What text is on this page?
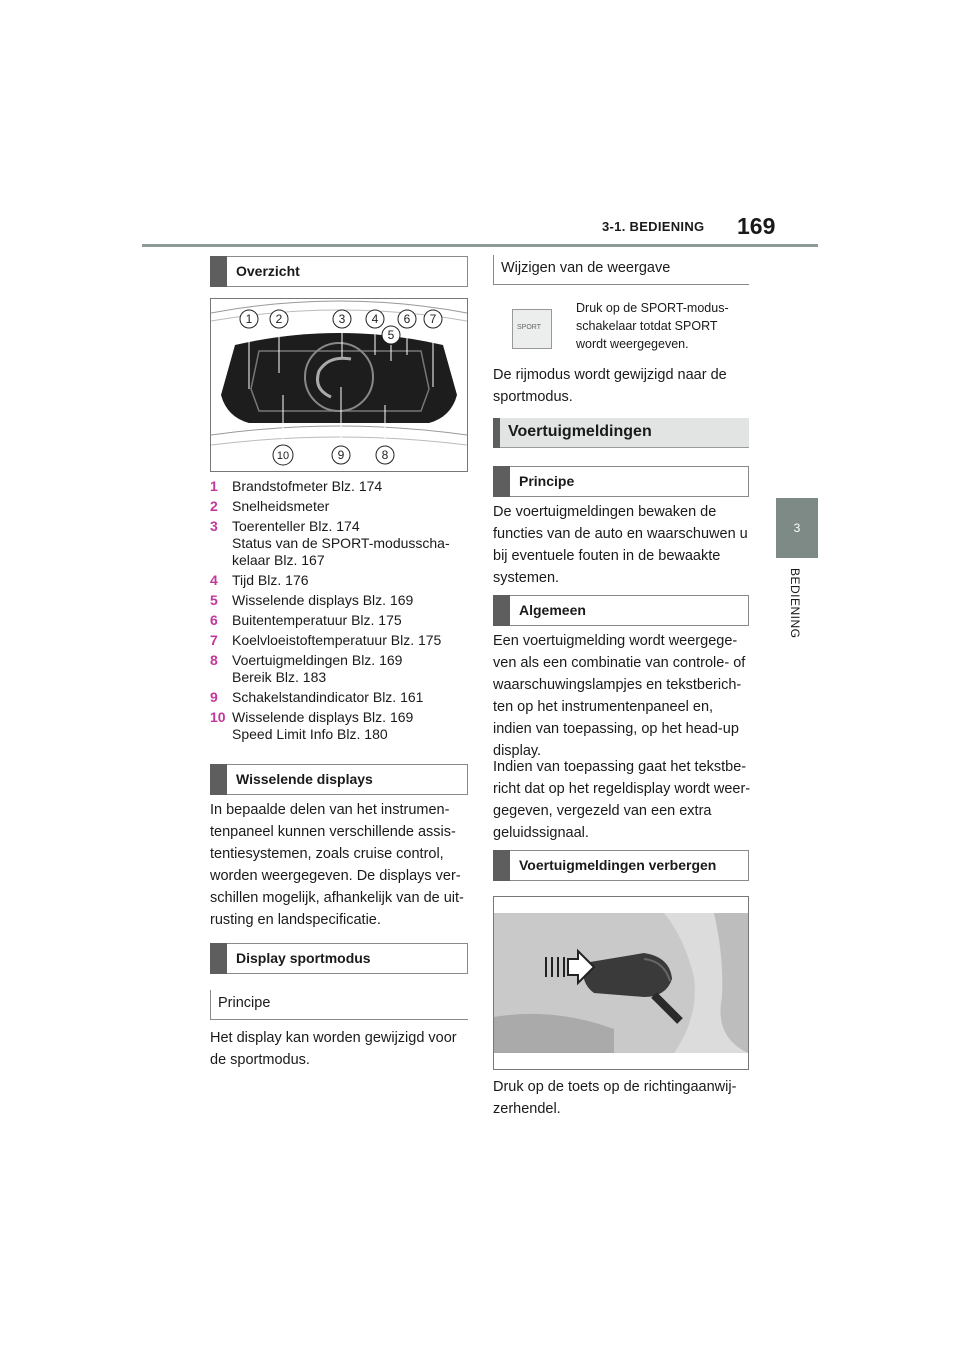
3-1. BEDIENING 169
3
BEDIENING
Overzicht
1 2	3 4
5
6 7
8
9
10
1 Brandstofmeter Blz. 174
2 Snelheidsmeter
3 Toerenteller Blz. 174
Status van de SPORT-modusscha-
kelaar Blz. 167
4 Tijd Blz. 176
5 Wisselende displays Blz. 169
6 Buitentemperatuur Blz. 175
7 Koelvloeistoftemperatuur Blz. 175
8 Voertuigmeldingen Blz. 169
Bereik Blz. 183
9 Schakelstandindicator Blz. 161
10 Wisselende displays Blz. 169
Speed Limit Info Blz. 180
Wisselende displays

In bepaalde delen van het instrumen-

tenpaneel kunnen verschillende assis-

tentiesystemen, zoals cruise control,

worden weergegeven. De displays ver-

schillen mogelijk, afhankelijk van de uit-

rusting en landspecificatie.

Display sportmodus
Principe

Het display kan worden gewijzigd voor

de sportmodus.

Wijzigen van de weergave
SPORT
Druk op de SPORT-modus-
schakelaar totdat SPORT
wordt weergegeven.

De rijmodus wordt gewijzigd naar de

sportmodus.

Voertuigmeldingen
Principe

De voertuigmeldingen bewaken de

functies van de auto en waarschuwen u

bij eventuele fouten in de bewaakte

systemen.

Algemeen

Een voertuigmelding wordt weergege-

ven als een combinatie van controle- of

waarschuwingslampjes en tekstberich-

ten op het instrumentenpaneel en,

indien van toepassing, op het head-up

display.

Indien van toepassing gaat het tekstbe-

richt dat op het regeldisplay wordt weer-

gegeven, vergezeld van een extra

geluidssignaal.

Voertuigmeldingen verbergen

Druk op de toets op de richtingaanwij-

zerhendel.
